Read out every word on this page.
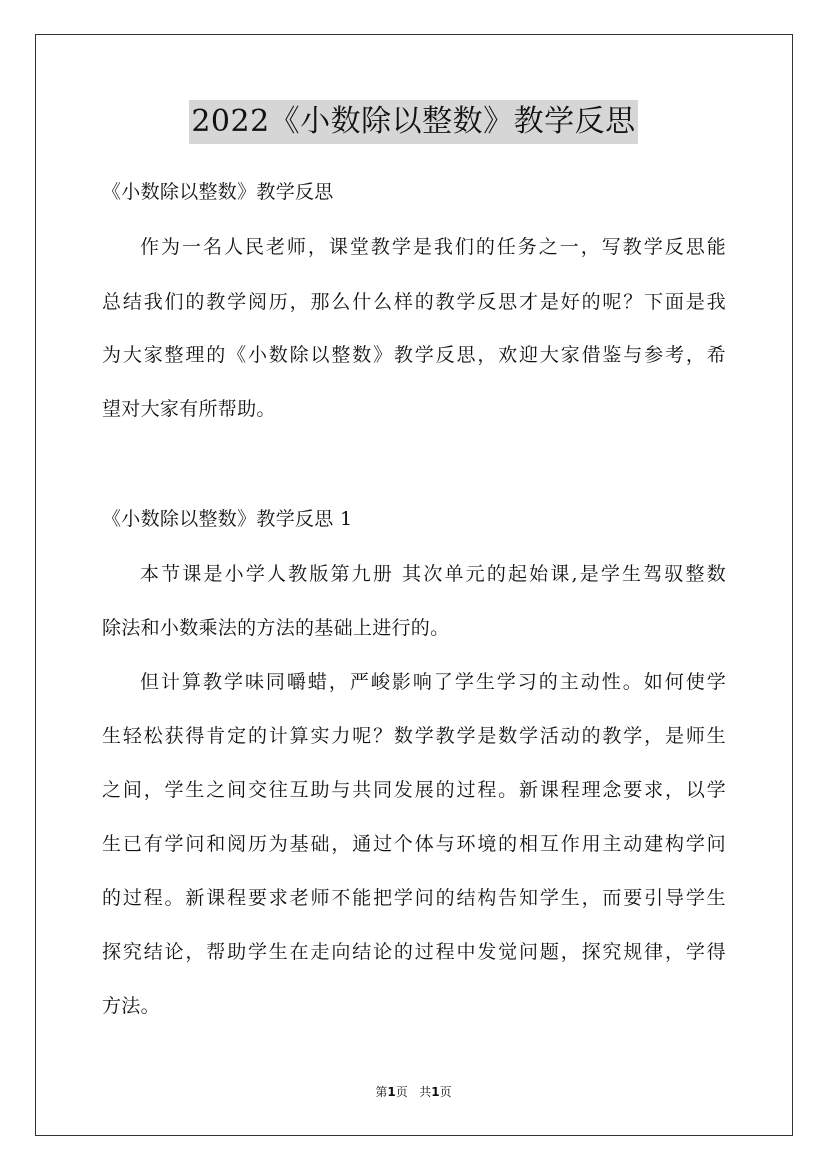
2022《小数除以整数》教学反思
《小数除以整数》教学反思
作为一名人民老师，课堂教学是我们的任务之一，写教学反思能
总结我们的教学阅历，那么什么样的教学反思才是好的呢？下面是我
为大家整理的《小数除以整数》教学反思，欢迎大家借鉴与参考，希
望对大家有所帮助。
《小数除以整数》教学反思 1
本节课是小学人教版第九册 其次单元的起始课,是学生驾驭整数
除法和小数乘法的方法的基础上进行的。
但计算教学味同嚼蜡，严峻影响了学生学习的主动性。如何使学
生轻松获得肯定的计算实力呢？数学教学是数学活动的教学，是师生
之间，学生之间交往互助与共同发展的过程。新课程理念要求，以学
生已有学问和阅历为基础，通过个体与环境的相互作用主动建构学问
的过程。新课程要求老师不能把学问的结构告知学生，而要引导学生
探究结论，帮助学生在走向结论的过程中发觉问题，探究规律，学得
方法。
第1页 共1页
